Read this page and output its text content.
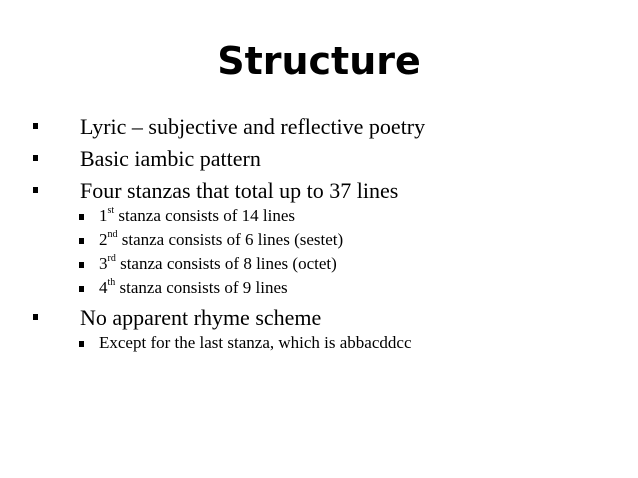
Structure
Lyric – subjective and reflective poetry
Basic iambic pattern
Four stanzas that total up to 37 lines
1st stanza consists of 14 lines
2nd stanza consists of 6 lines (sestet)
3rd stanza consists of 8 lines (octet)
4th stanza consists of 9 lines
No apparent rhyme scheme
Except for the last stanza, which is abbacddcc
